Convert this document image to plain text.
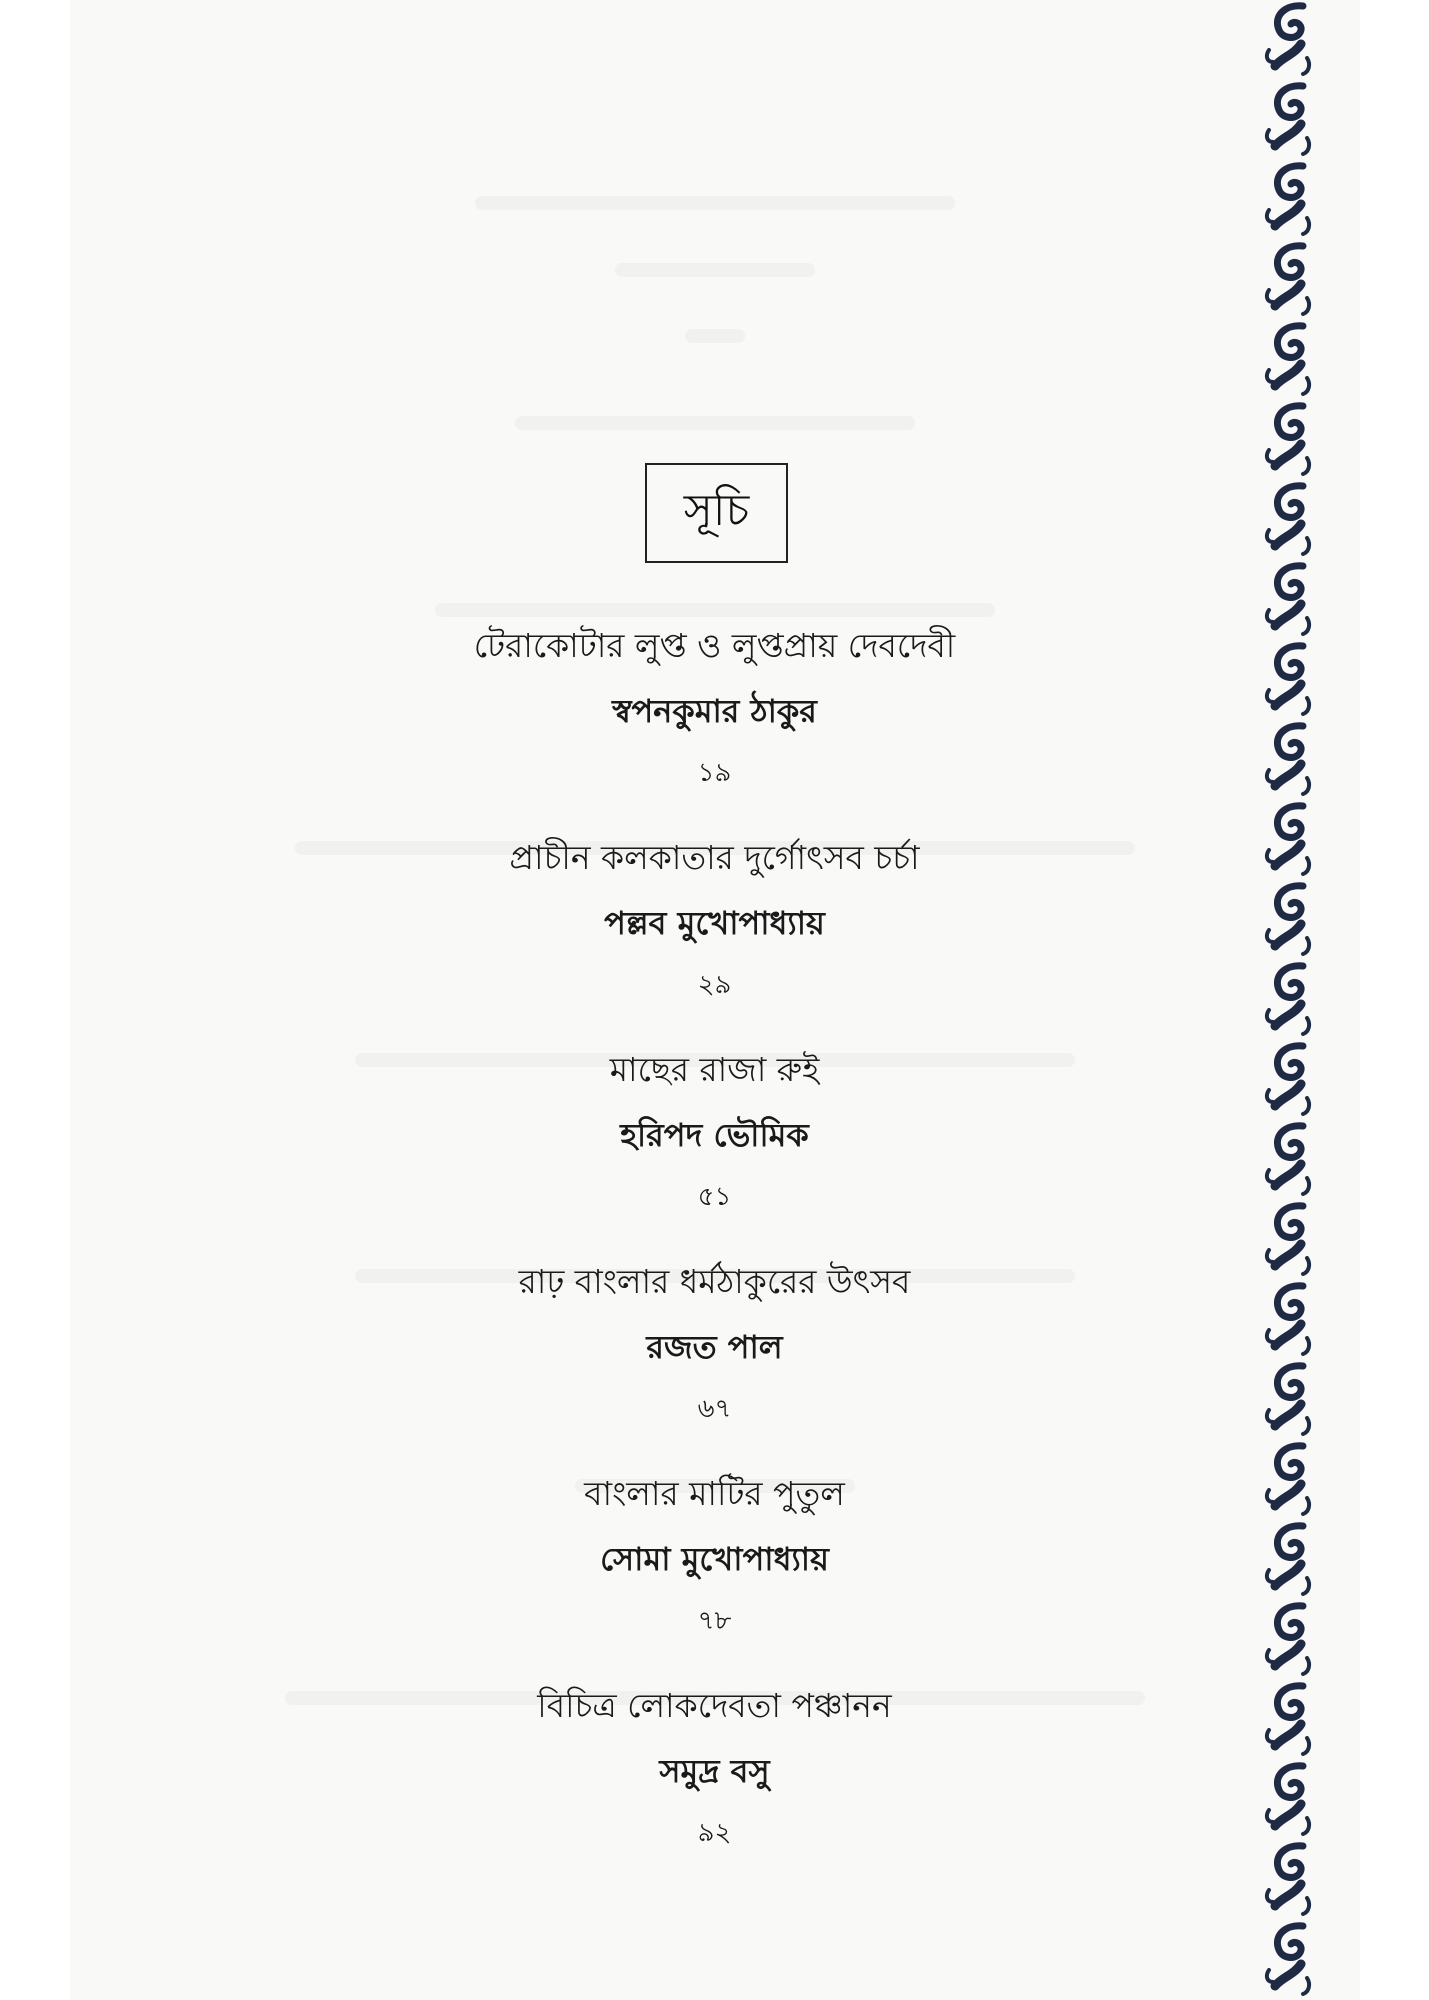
সূচি
টেরাকোটার লুপ্ত ও লুপ্তপ্রায় দেবদেবী
স্বপনকুমার ঠাকুর
১৯
প্রাচীন কলকাতার দুর্গোৎসব চর্চা
পল্লব মুখোপাধ্যায়
২৯
মাছের রাজা রুই
হরিপদ ভৌমিক
৫১
রাঢ় বাংলার ধর্মঠাকুরের উৎসব
রজত পাল
৬৭
বাংলার মাটির পুতুল
সোমা মুখোপাধ্যায়
৭৮
বিচিত্র লোকদেবতা পঞ্চানন
সমুদ্র বসু
৯২
